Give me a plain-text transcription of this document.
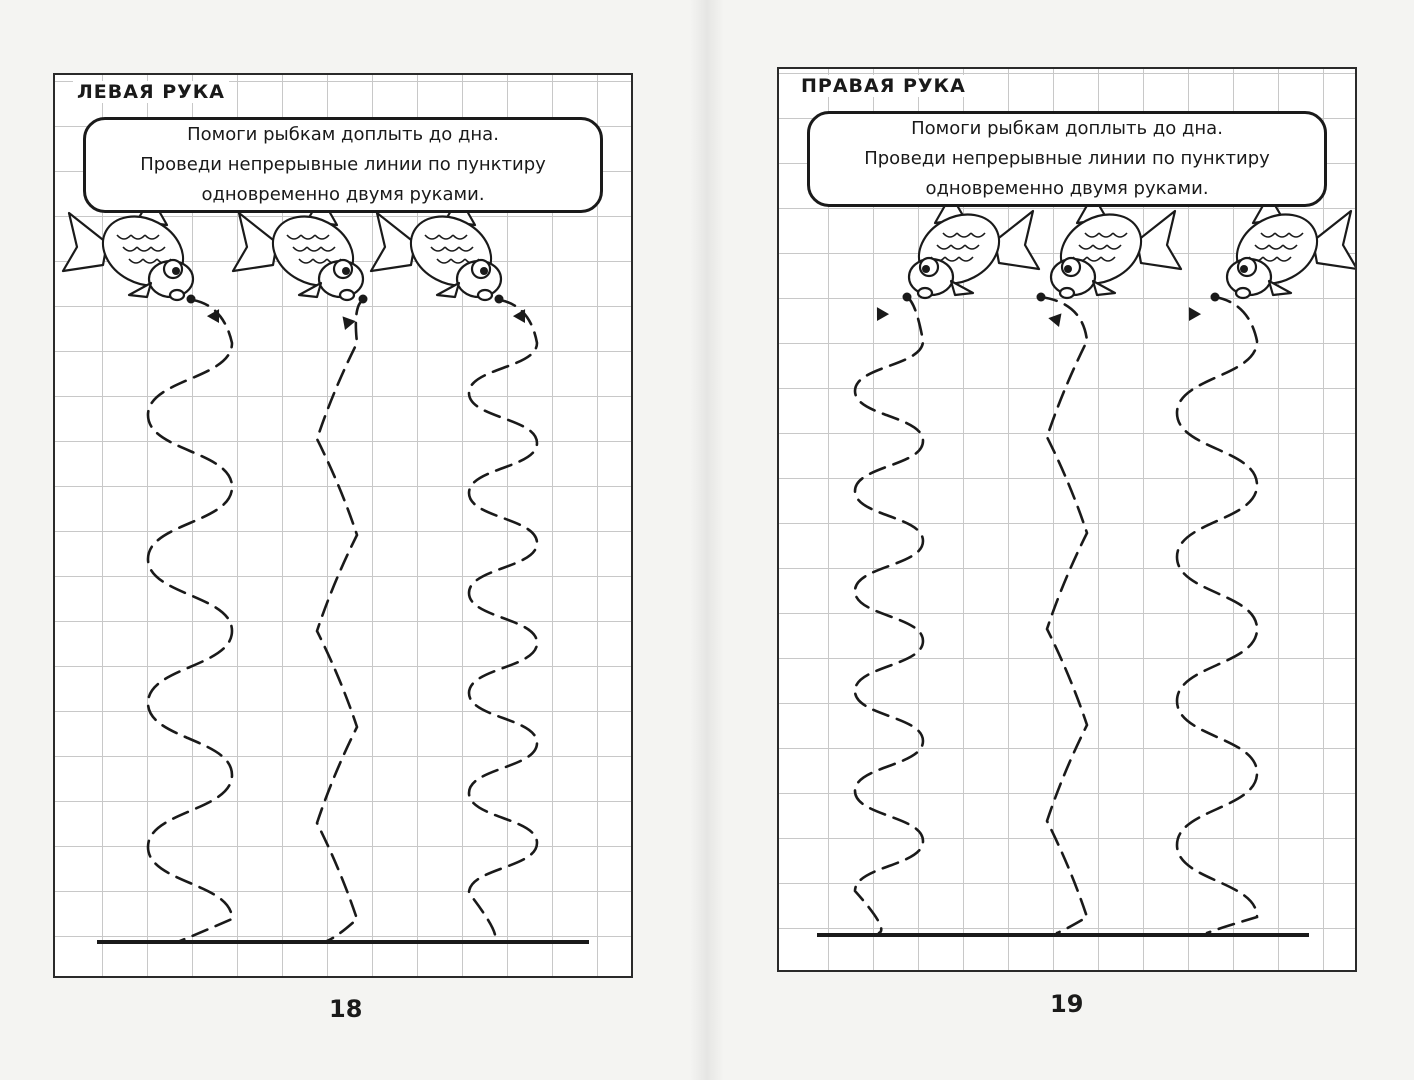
ЛЕВАЯ РУКА
Помоги рыбкам доплыть до дна.
Проведи непрерывные линии по пунктиру
одновременно двумя руками.
18
ПРАВАЯ РУКА
Помоги рыбкам доплыть до дна.
Проведи непрерывные линии по пунктиру
одновременно двумя руками.
19
